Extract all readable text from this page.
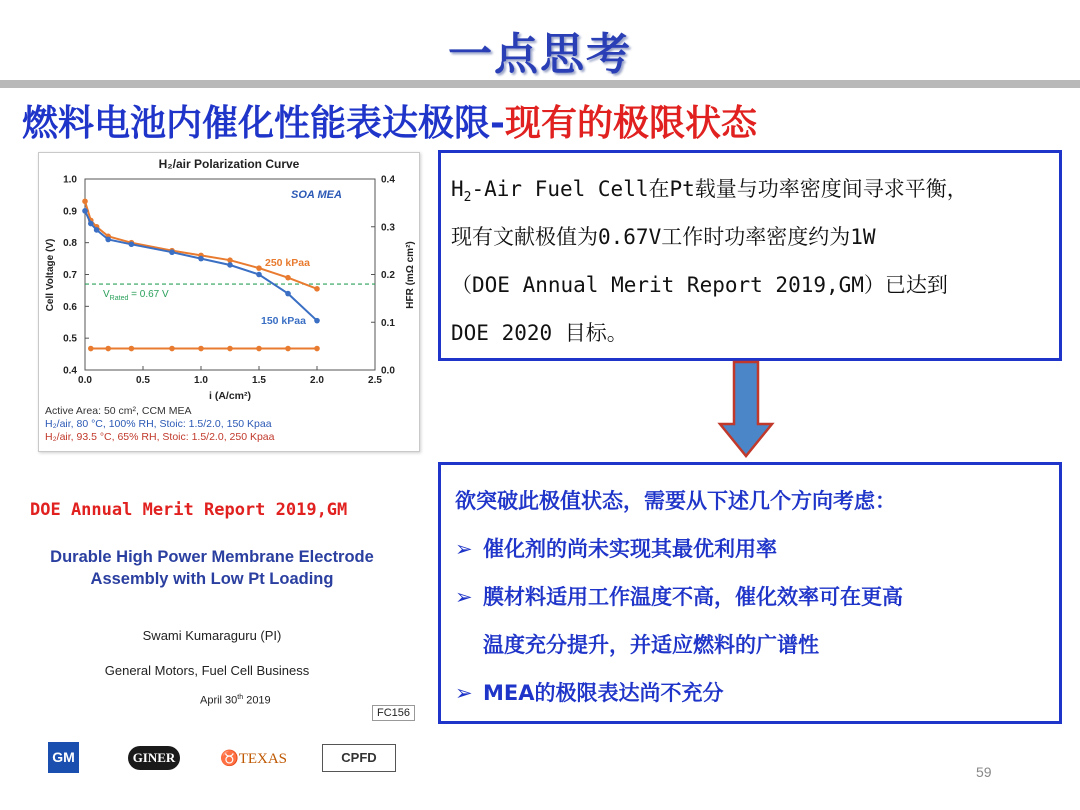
一点思考
燃料电池内催化性能表达极限-现有的极限状态
H₂/air Polarization Curve
0.0	0.5	1.0	1.5	2.0	2.5
0.4
0.5
0.6
0.7
0.8
0.9
1.0
0.0
0.1
0.2
0.3
0.4
$V_{Rated} = 0.67$ V
SOA MEA
250 kPaa
150 kPaa
i (A/cm²)
Cell Voltage (V)	HFR (mΩ cm²)
Active Area: 50 cm², CCM MEA
H₂/air, 80 °C, 100% RH, Stoic: 1.5/2.0, 150 Kpaa
H₂/air, 93.5 °C, 65% RH, Stoic: 1.5/2.0, 250 Kpaa
DOE Annual Merit Report 2019,GM
Durable High Power Membrane Electrode
Assembly with Low Pt Loading
Swami Kumaraguru (PI)
General Motors, Fuel Cell Business
April 30th 2019
FC156
GM	GINER	♉TEXAS	CPFD
$H_2$-Air Fuel Cell在Pt载量与功率密度间寻求平衡，
现有文献极值为0.67V工作时功率密度约为1W
（DOE Annual Merit Report 2019,GM）已达到
DOE 2020 目标。
欲突破此极值状态，需要从下述几个方向考虑：
➢ 催化剂的尚未实现其最优利用率
➢ 膜材料适用工作温度不高，催化效率可在更高
温度充分提升，并适应燃料的广谱性
➢ MEA的极限表达尚不充分
59
